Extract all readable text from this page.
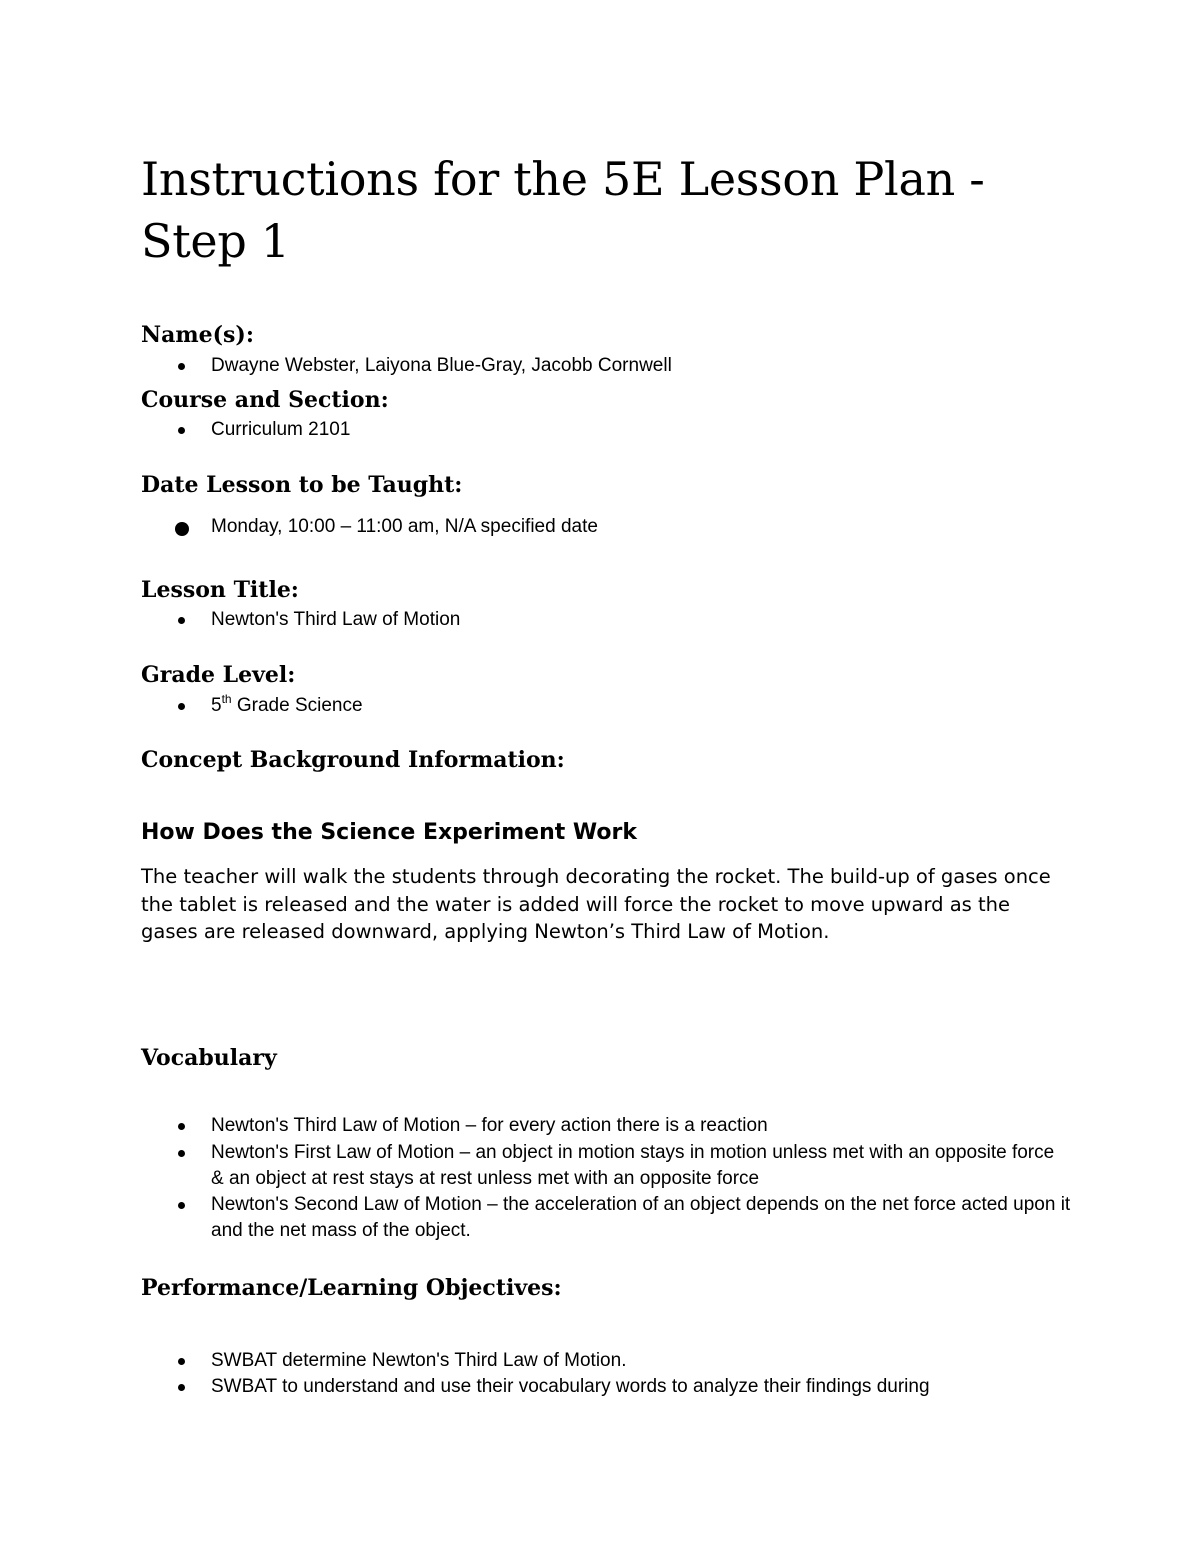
Instructions for the 5E Lesson Plan - Step 1
Name(s):
Dwayne Webster, Laiyona Blue-Gray, Jacobb Cornwell
Course and Section:
Curriculum 2101
Date Lesson to be Taught:
Monday, 10:00 – 11:00 am, N/A specified date
Lesson Title:
Newton's Third Law of Motion
Grade Level:
5th Grade Science
Concept Background Information:
How Does the Science Experiment Work

The teacher will walk the students through decorating the rocket. The build-up of gases once the tablet is released and the water is added will force the rocket to move upward as the gases are released downward, applying Newton’s Third Law of Motion.

Vocabulary
Newton's Third Law of Motion – for every action there is a reaction
Newton's First Law of Motion – an object in motion stays in motion unless met with an opposite force & an object at rest stays at rest unless met with an opposite force
Newton's Second Law of Motion – the acceleration of an object depends on the net force acted upon it and the net mass of the object.
Performance/Learning Objectives:
SWBAT determine Newton's Third Law of Motion.
SWBAT to understand and use their vocabulary words to analyze their findings during
